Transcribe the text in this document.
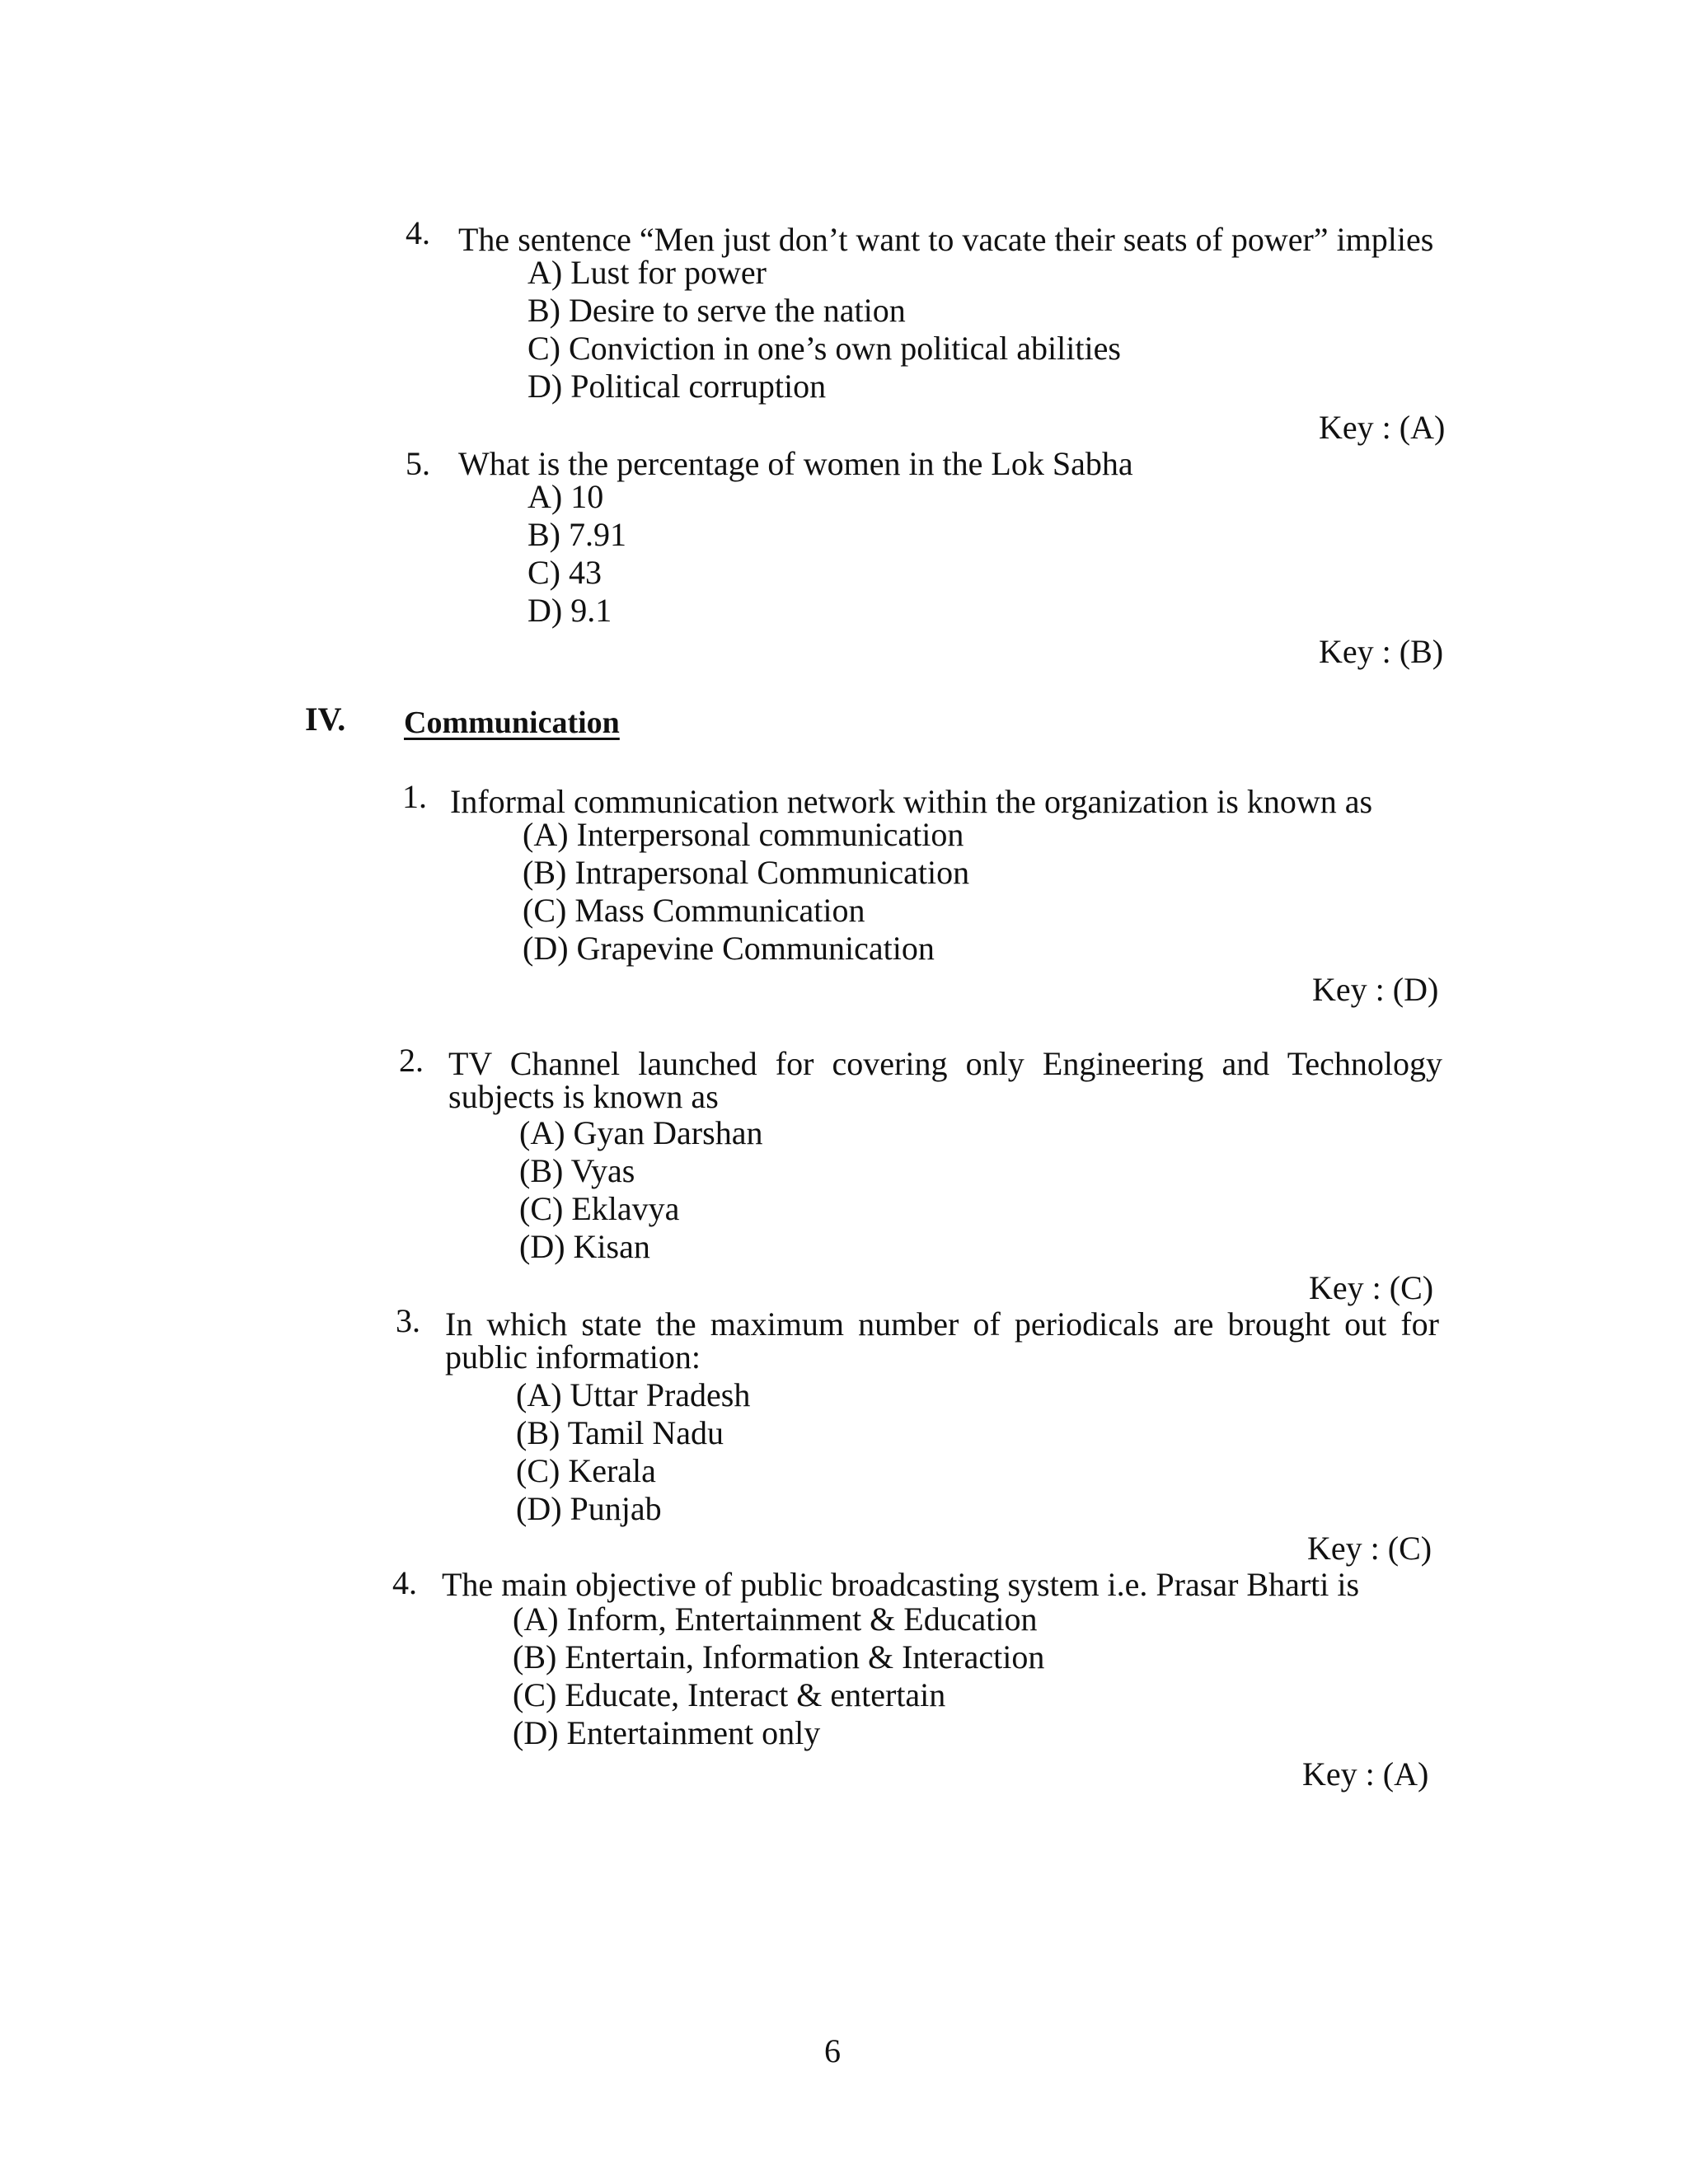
4. The sentence “Men just don’t want to vacate their seats of power” implies
A) Lust for power
B) Desire to serve the nation
C) Conviction in one’s own political abilities
D) Political corruption
Key : (A)
5. What is the percentage of women in the Lok Sabha
A) 10
B) 7.91
C) 43
D) 9.1
Key : (B)
IV. Communication
1. Informal communication network within the organization is known as
(A) Interpersonal communication
(B) Intrapersonal Communication
(C) Mass Communication
(D) Grapevine Communication
Key : (D)
2. TV Channel launched for covering only Engineering and Technology
subjects is known as
(A) Gyan Darshan
(B) Vyas
(C) Eklavya
(D) Kisan
Key : (C)
3. In which state the maximum number of periodicals are brought out for
public information:
(A) Uttar Pradesh
(B) Tamil Nadu
(C) Kerala
(D) Punjab
Key : (C)
4. The main objective of public broadcasting system i.e. Prasar Bharti is
(A) Inform, Entertainment & Education
(B) Entertain, Information & Interaction
(C) Educate, Interact & entertain
(D) Entertainment only
Key : (A)
6
